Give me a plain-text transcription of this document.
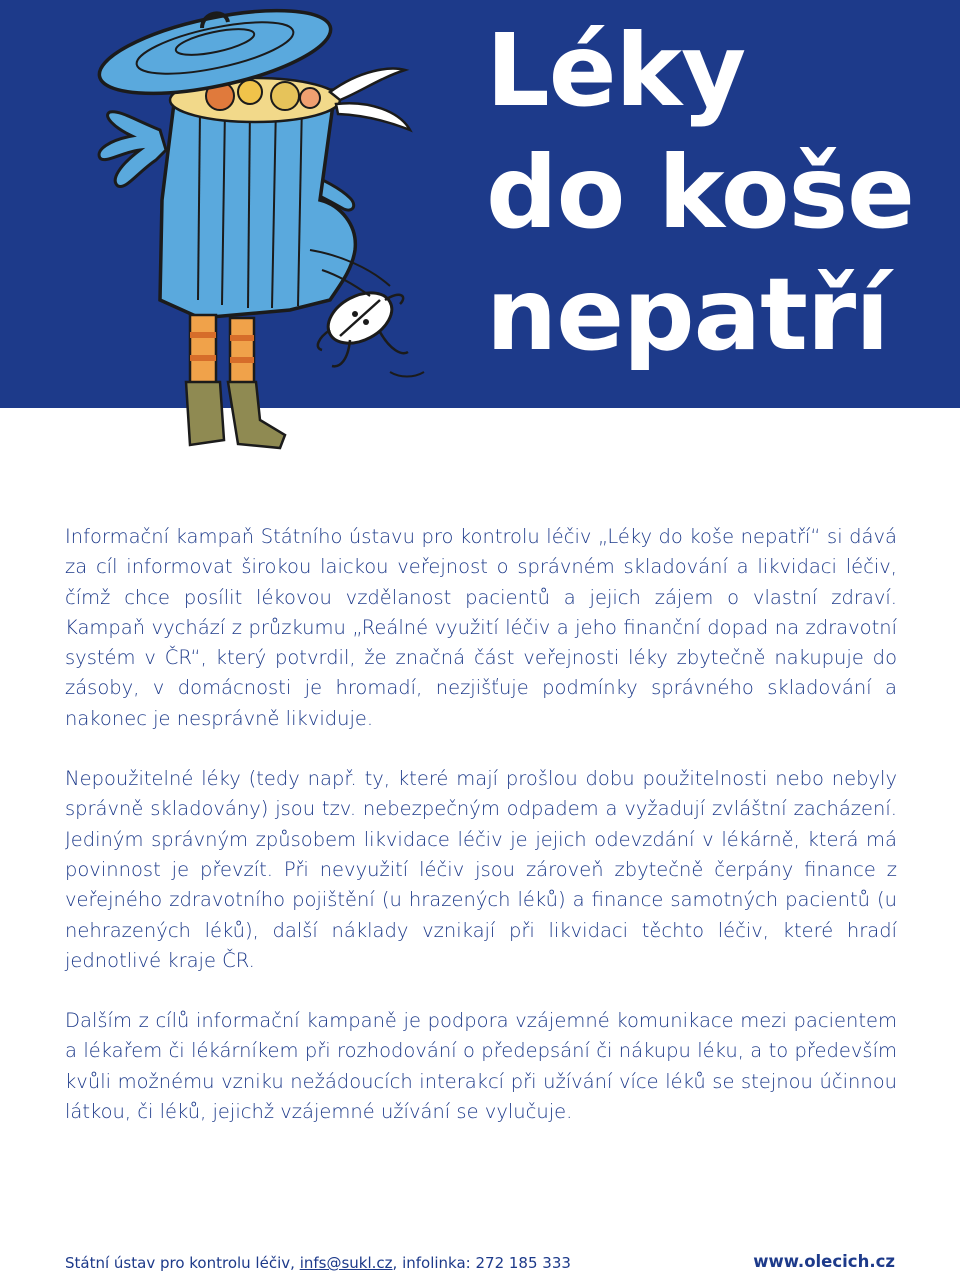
Léky
do koše
nepatří

Informační kampaň Státního ústavu pro kontrolu léčiv „Léky do koše nepatří“ si dává za cíl informovat širokou laickou veřejnost o správném skladování a likvidaci léčiv, čímž chce posílit lékovou vzdělanost pacientů a jejich zájem o vlastní zdraví. Kampaň vychází z průzkumu „Reálné využití léčiv a jeho finanční dopad na zdravotní systém v ČR“, který potvrdil, že značná část veřejnosti léky zbytečně nakupuje do zásoby, v domácnosti je hromadí, nezjišťuje podmínky správného skladování a nakonec je nesprávně likviduje.

Nepoužitelné léky (tedy např. ty, které mají prošlou dobu použitelnosti nebo nebyly správně skladovány) jsou tzv. nebezpečným odpadem a vyžadují zvláštní zacházení. Jediným správným způsobem likvidace léčiv je jejich odevzdání v lékárně, která má povinnost je převzít. Při nevyužití léčiv jsou zároveň zbytečně čerpány finance z veřejného zdravotního pojištění (u hrazených léků) a finance samotných pacientů (u nehrazených léků), další náklady vznikají při likvidaci těchto léčiv, které hradí jednotlivé kraje ČR.

Dalším z cílů informační kampaně je podpora vzájemné komunikace mezi pacientem a lékařem či lékárníkem při rozhodování o předepsání či nákupu léku, a to především kvůli možnému vzniku nežádoucích interakcí při užívání více léků se stejnou účinnou látkou, či léků, jejichž vzájemné užívání se vylučuje.

Státní ústav pro kontrolu léčiv, infs@sukl.cz, infolinka: 272 185 333	www.olecich.cz
